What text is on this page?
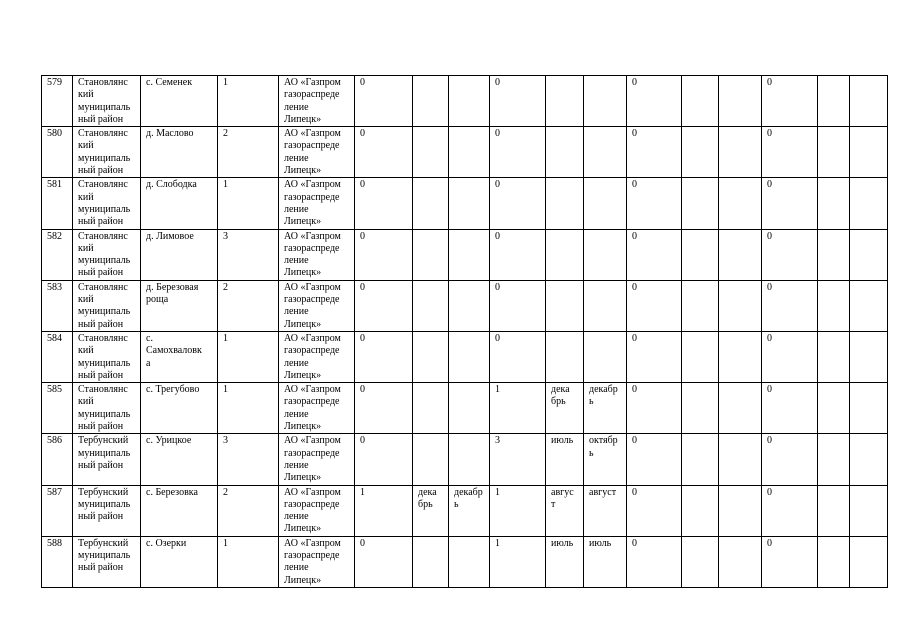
579	Становлянс
кий
муниципаль
ный район	с. Семенек	1	АО «Газпром
газораспреде
ление
Липецк»	0			0			0			0		
580	Становлянс
кий
муниципаль
ный район	д. Маслово	2	АО «Газпром
газораспреде
ление
Липецк»	0			0			0			0		
581	Становлянс
кий
муниципаль
ный район	д. Слободка	1	АО «Газпром
газораспреде
ление
Липецк»	0			0			0			0		
582	Становлянс
кий
муниципаль
ный район	д. Лимовое	3	АО «Газпром
газораспреде
ление
Липецк»	0			0			0			0		
583	Становлянс
кий
муниципаль
ный район	д. Березовая
роща	2	АО «Газпром
газораспреде
ление
Липецк»	0			0			0			0		
584	Становлянс
кий
муниципаль
ный район	с.
Самохваловк
а	1	АО «Газпром
газораспреде
ление
Липецк»	0			0			0			0		
585	Становлянс
кий
муниципаль
ный район	с. Трегубово	1	АО «Газпром
газораспреде
ление
Липецк»	0			1	дека
брь	декабр
ь	0			0		
586	Тербунский
муниципаль
ный район	с. Урицкое	3	АО «Газпром
газораспреде
ление
Липецк»	0			3	июль	октябр
ь	0			0		
587	Тербунский
муниципаль
ный район	с. Березовка	2	АО «Газпром
газораспреде
ление
Липецк»	1	дека
брь	декабр
ь	1	авгус
т	август	0			0		
588	Тербунский
муниципаль
ный район	с. Озерки	1	АО «Газпром
газораспреде
ление
Липецк»	0			1	июль	июль	0			0		
